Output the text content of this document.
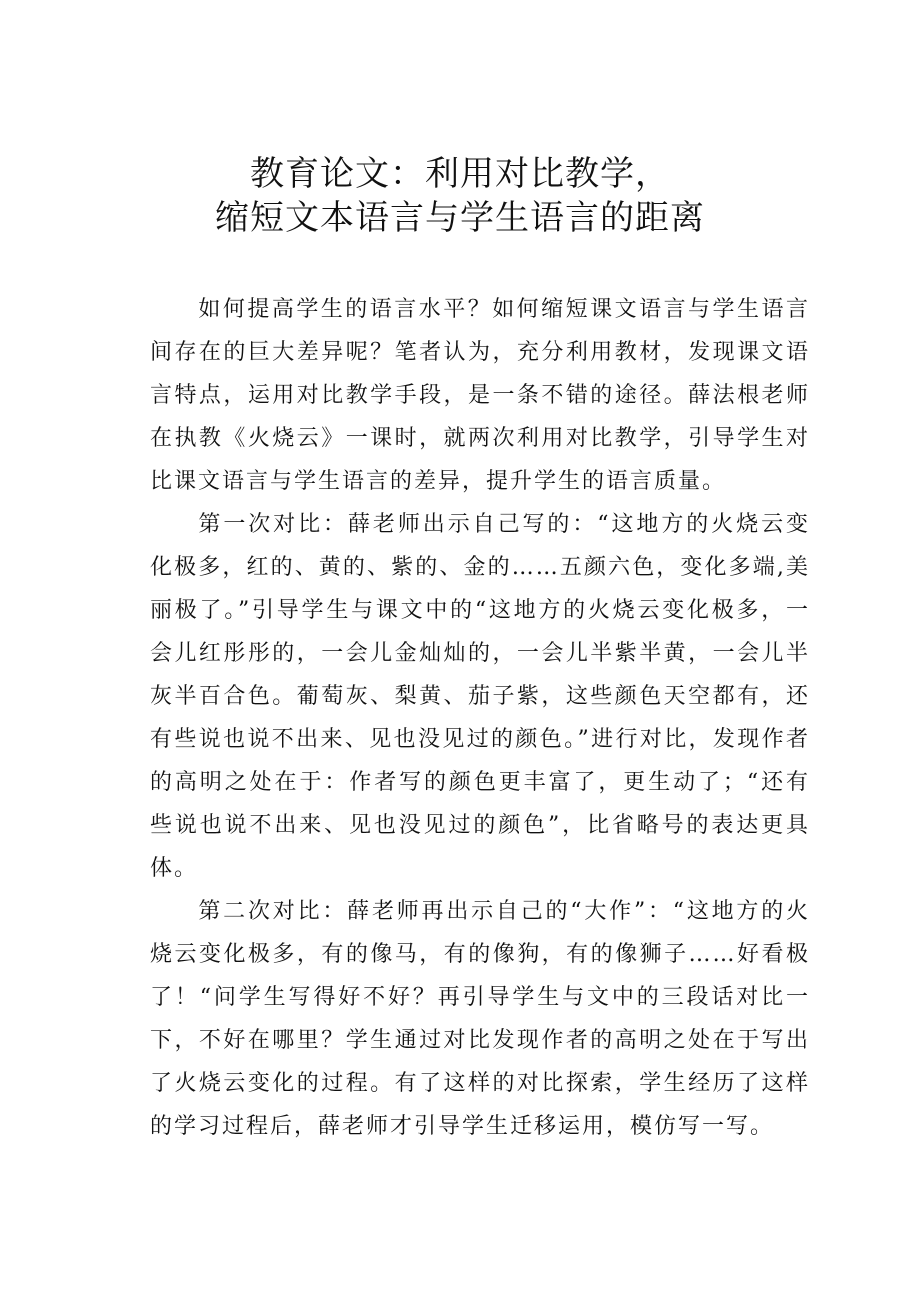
教育论文：利用对比教学，
缩短文本语言与学生语言的距离

如何提高学生的语言水平？如何缩短课文语言与学生语言间存在的巨大差异呢？笔者认为，充分利用教材，发现课文语言特点，运用对比教学手段，是一条不错的途径。薛法根老师在执教《火烧云》一课时，就两次利用对比教学，引导学生对比课文语言与学生语言的差异，提升学生的语言质量。

第一次对比：薛老师出示自己写的：“这地方的火烧云变化极多，红的、黄的、紫的、金的……五颜六色，变化多端,美丽极了。”引导学生与课文中的“这地方的火烧云变化极多，一会儿红彤彤的，一会儿金灿灿的，一会儿半紫半黄，一会儿半灰半百合色。葡萄灰、梨黄、茄子紫，这些颜色天空都有，还有些说也说不出来、见也没见过的颜色。”进行对比，发现作者的高明之处在于：作者写的颜色更丰富了，更生动了；“还有些说也说不出来、见也没见过的颜色”，比省略号的表达更具体。

第二次对比：薛老师再出示自己的“大作”：“这地方的火烧云变化极多，有的像马，有的像狗，有的像狮子……好看极了！“问学生写得好不好？再引导学生与文中的三段话对比一下，不好在哪里？学生通过对比发现作者的高明之处在于写出了火烧云变化的过程。有了这样的对比探索，学生经历了这样的学习过程后，薛老师才引导学生迁移运用，模仿写一写。
